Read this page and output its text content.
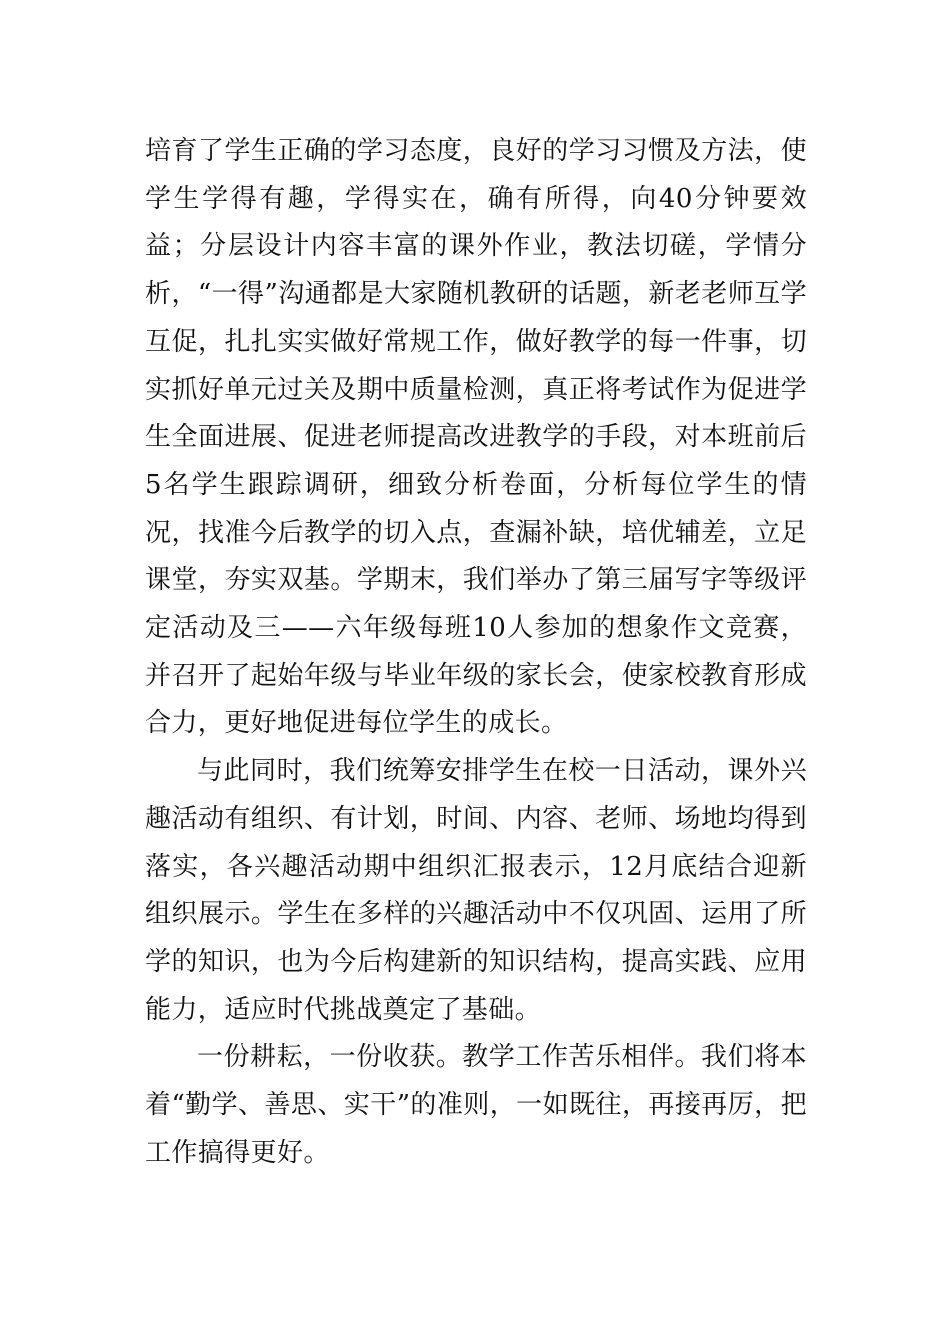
培育了学生正确的学习态度，良好的学习习惯及方法，使学生学得有趣，学得实在，确有所得，向40分钟要效益；分层设计内容丰富的课外作业，教法切磋，学情分析，“一得”沟通都是大家随机教研的话题，新老老师互学互促，扎扎实实做好常规工作，做好教学的每一件事，切实抓好单元过关及期中质量检测，真正将考试作为促进学生全面进展、促进老师提高改进教学的手段，对本班前后5名学生跟踪调研，细致分析卷面，分析每位学生的情况，找准今后教学的切入点，查漏补缺，培优辅差，立足课堂，夯实双基。学期末，我们举办了第三届写字等级评定活动及三——六年级每班10人参加的想象作文竞赛，并召开了起始年级与毕业年级的家长会，使家校教育形成合力，更好地促进每位学生的成长。

与此同时，我们统筹安排学生在校一日活动，课外兴趣活动有组织、有计划，时间、内容、老师、场地均得到落实，各兴趣活动期中组织汇报表示，12月底结合迎新组织展示。学生在多样的兴趣活动中不仅巩固、运用了所学的知识，也为今后构建新的知识结构，提高实践、应用能力，适应时代挑战奠定了基础。

一份耕耘，一份收获。教学工作苦乐相伴。我们将本着“勤学、善思、实干”的准则，一如既往，再接再厉，把工作搞得更好。
